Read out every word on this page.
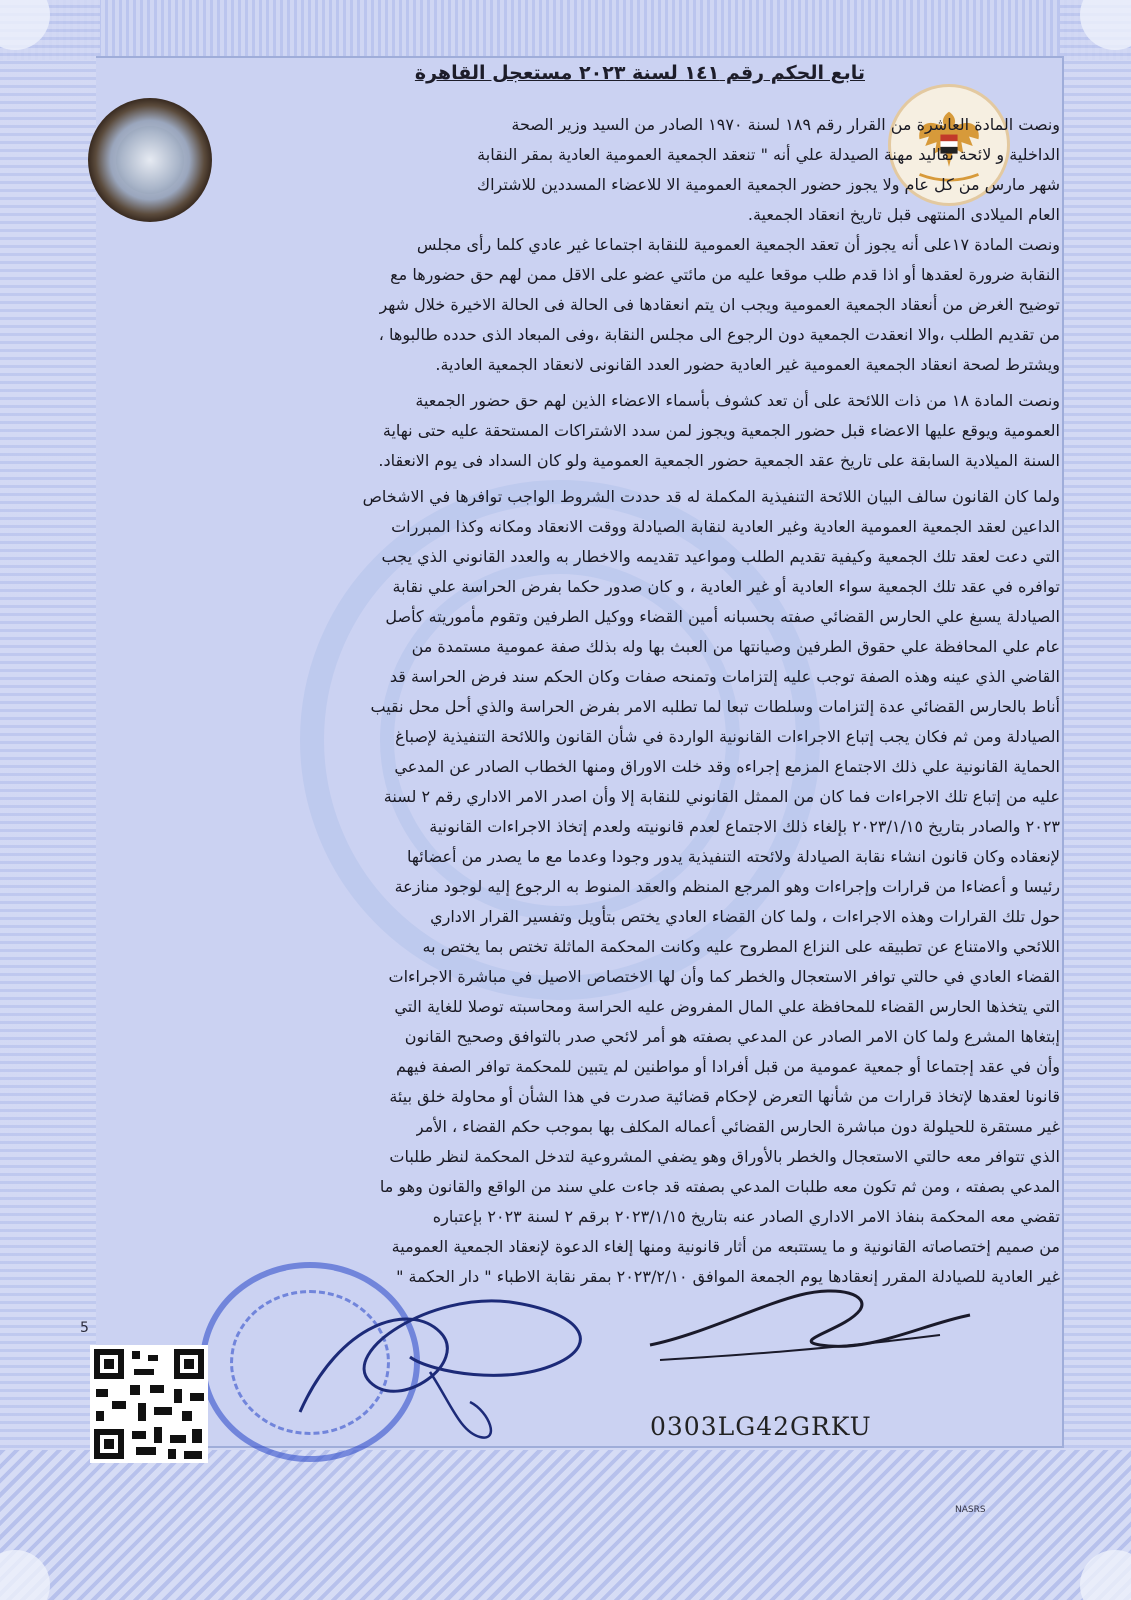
تابع الحكم رقم ١٤١ لسنة ٢٠٢٣ مستعجل القاهرة
ونصت المادة العاشرة من القرار رقم ١٨٩ لسنة ١٩٧٠ الصادر من السيد وزير الصحة
الداخلية و لائحة تقاليد مهنة الصيدلة علي أنه " تنعقد الجمعية العمومية العادية بمقر النقابة
شهر مارس من كل عام ولا يجوز حضور الجمعية العمومية الا للاعضاء المسددين للاشتراك
العام الميلادى المنتهى قبل تاريخ انعقاد الجمعية.
ونصت المادة ١٧على أنه يجوز أن تعقد الجمعية العمومية للنقابة اجتماعا غير عادي كلما رأى مجلس
النقابة ضرورة لعقدها أو اذا قدم طلب موقعا عليه من مائتي عضو على الاقل ممن لهم حق حضورها مع
توضيح الغرض من أنعقاد الجمعية العمومية ويجب ان يتم انعقادها فى الحالة فى الحالة الاخيرة خلال شهر
من تقديم الطلب ،والا انعقدت الجمعية دون الرجوع الى مجلس النقابة ،وفى المبعاد الذى حدده طالبوها ،
ويشترط لصحة انعقاد الجمعية العمومية غير العادية حضور العدد القانونى لانعقاد الجمعية العادية.
ونصت المادة ١٨ من ذات اللائحة على أن تعد كشوف بأسماء الاعضاء الذين لهم حق حضور الجمعية
العمومية ويوقع عليها الاعضاء قبل حضور الجمعية ويجوز لمن سدد الاشتراكات المستحقة عليه حتى نهاية
السنة الميلادية السابقة على تاريخ عقد الجمعية حضور الجمعية العمومية ولو كان السداد فى يوم الانعقاد.
ولما كان القانون سالف البيان اللائحة التنفيذية المكملة له قد حددت الشروط الواجب توافرها في الاشخاص
الداعين لعقد الجمعية العمومية العادية وغير العادية لنقابة الصيادلة ووقت الانعقاد ومكانه وكذا المبررات
التي دعت لعقد تلك الجمعية وكيفية تقديم الطلب ومواعيد تقديمه والاخطار به والعدد القانوني الذي يجب
توافره في عقد تلك الجمعية سواء العادية أو غير العادية ، و كان صدور حكما بفرض الحراسة علي نقابة
الصيادلة يسبغ علي الحارس القضائي صفته بحسبانه أمين القضاء ووكيل الطرفين وتقوم مأموريته كأصل
عام علي المحافظة علي حقوق الطرفين وصيانتها من العبث بها وله بذلك صفة عمومية مستمدة من
القاضي الذي عينه وهذه الصفة توجب عليه إلتزامات وتمنحه صفات وكان الحكم سند فرض الحراسة قد
أناط بالحارس القضائي عدة إلتزامات وسلطات تبعا لما تطلبه الامر بفرض الحراسة والذي أحل محل نقيب
الصيادلة ومن ثم فكان يجب إتباع الاجراءات القانونية الواردة في شأن القانون واللائحة التنفيذية لإصباغ
الحماية القانونية علي ذلك الاجتماع المزمع إجراءه وقد خلت الاوراق ومنها الخطاب الصادر عن المدعي
عليه من إتباع تلك الاجراءات فما كان من الممثل القانوني للنقابة إلا وأن اصدر الامر الاداري رقم ٢ لسنة
٢٠٢٣ والصادر بتاريخ ٢٠٢٣/١/١٥ بإلغاء ذلك الاجتماع لعدم قانونيته ولعدم إتخاذ الاجراءات القانونية
لإنعقاده وكان قانون انشاء نقابة الصيادلة ولائحته التنفيذية يدور وجودا وعدما مع ما يصدر من أعضائها
رئيسا و أعضاءا من قرارات وإجراءات وهو المرجع المنظم والعقد المنوط به الرجوع إليه لوجود منازعة
حول تلك القرارات وهذه الاجراءات ، ولما كان القضاء العادي يختص بتأويل وتفسير القرار الاداري
اللائحي والامتناع عن تطبيقه على النزاع المطروح عليه وكانت المحكمة الماثلة تختص بما يختص به
القضاء العادي في حالتي توافر الاستعجال والخطر كما وأن لها الاختصاص الاصيل في مباشرة الاجراءات
التي يتخذها الحارس القضاء للمحافظة علي المال المفروض عليه الحراسة ومحاسبته توصلا للغاية التي
إبتغاها المشرع ولما كان الامر الصادر عن المدعي بصفته هو أمر لائحي صدر بالتوافق وصحيح القانون
وأن في عقد إجتماعا أو جمعية عمومية من قبل أفرادا أو مواطنين لم يتبين للمحكمة توافر الصفة فيهم
قانونا لعقدها لإتخاذ قرارات من شأنها التعرض لإحكام قضائية صدرت في هذا الشأن أو محاولة خلق بيئة
غير مستقرة للحيلولة دون مباشرة الحارس القضائي أعماله المكلف بها بموجب حكم القضاء ، الأمر
الذي تتوافر معه حالتي الاستعجال والخطر بالأوراق وهو يضفي المشروعية لتدخل المحكمة لنظر طلبات
المدعي بصفته ، ومن ثم تكون معه طلبات المدعي بصفته قد جاءت علي سند من الواقع والقانون وهو ما
تقضي معه المحكمة بنفاذ الامر الاداري الصادر عنه بتاريخ ٢٠٢٣/١/١٥ برقم ٢ لسنة ٢٠٢٣ بإعتباره
من صميم إختصاصاته القانونية و ما يستتبعه من أثار قانونية ومنها إلغاء الدعوة لإنعقاد الجمعية العمومية
غير العادية للصيادلة المقرر إنعقادها يوم الجمعة الموافق ٢٠٢٣/٢/١٠ بمقر نقابة الاطباء " دار الحكمة "
5
0303LG42GRKU
NASRS
